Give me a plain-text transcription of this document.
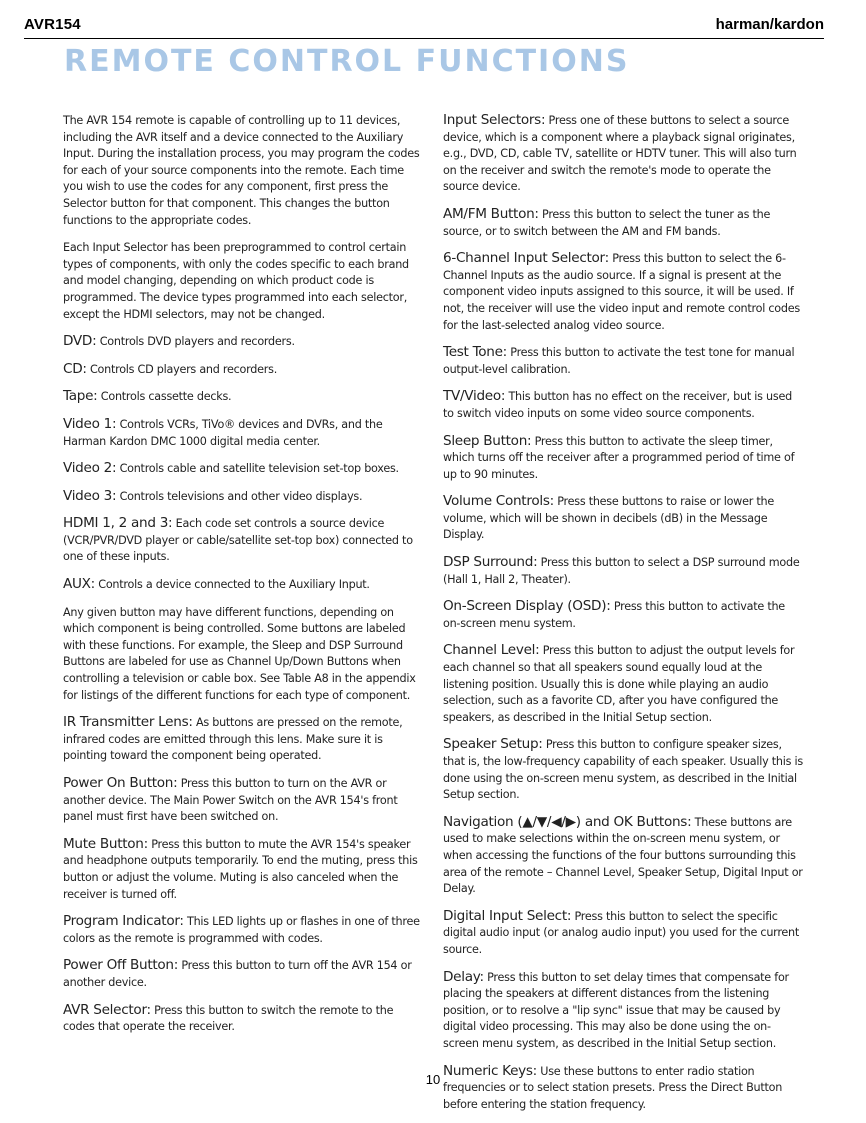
AVR154	harman/kardon
REMOTE CONTROL FUNCTIONS

The AVR 154 remote is capable of controlling up to 11 devices, including the AVR itself and a device connected to the Auxiliary Input. During the installation process, you may program the codes for each of your source components into the remote. Each time you wish to use the codes for any component, first press the Selector button for that component. This changes the button functions to the appropriate codes.

Each Input Selector has been preprogrammed to control certain types of components, with only the codes specific to each brand and model changing, depending on which product code is programmed. The device types programmed into each selector, except the HDMI selectors, may not be changed.

DVD: Controls DVD players and recorders.

CD: Controls CD players and recorders.

Tape: Controls cassette decks.

Video 1: Controls VCRs, TiVo® devices and DVRs, and the Harman Kardon DMC 1000 digital media center.

Video 2: Controls cable and satellite television set-top boxes.

Video 3: Controls televisions and other video displays.

HDMI 1, 2 and 3: Each code set controls a source device (VCR/PVR/DVD player or cable/satellite set-top box) connected to one of these inputs.

AUX: Controls a device connected to the Auxiliary Input.

Any given button may have different functions, depending on which component is being controlled. Some buttons are labeled with these functions. For example, the Sleep and DSP Surround Buttons are labeled for use as Channel Up/Down Buttons when controlling a television or cable box. See Table A8 in the appendix for listings of the different functions for each type of component.

IR Transmitter Lens: As buttons are pressed on the remote, infrared codes are emitted through this lens. Make sure it is pointing toward the component being operated.

Power On Button: Press this button to turn on the AVR or another device. The Main Power Switch on the AVR 154's front panel must first have been switched on.

Mute Button: Press this button to mute the AVR 154's speaker and headphone outputs temporarily. To end the muting, press this button or adjust the volume. Muting is also canceled when the receiver is turned off.

Program Indicator: This LED lights up or flashes in one of three colors as the remote is programmed with codes.

Power Off Button: Press this button to turn off the AVR 154 or another device.

AVR Selector: Press this button to switch the remote to the codes that operate the receiver.

Input Selectors: Press one of these buttons to select a source device, which is a component where a playback signal originates, e.g., DVD, CD, cable TV, satellite or HDTV tuner. This will also turn on the receiver and switch the remote's mode to operate the source device.

AM/FM Button: Press this button to select the tuner as the source, or to switch between the AM and FM bands.

6-Channel Input Selector: Press this button to select the 6-Channel Inputs as the audio source. If a signal is present at the component video inputs assigned to this source, it will be used. If not, the receiver will use the video input and remote control codes for the last-selected analog video source.

Test Tone: Press this button to activate the test tone for manual output-level calibration.

TV/Video: This button has no effect on the receiver, but is used to switch video inputs on some video source components.

Sleep Button: Press this button to activate the sleep timer, which turns off the receiver after a programmed period of time of up to 90 minutes.

Volume Controls: Press these buttons to raise or lower the volume, which will be shown in decibels (dB) in the Message Display.

DSP Surround: Press this button to select a DSP surround mode (Hall 1, Hall 2, Theater).

On-Screen Display (OSD): Press this button to activate the on-screen menu system.

Channel Level: Press this button to adjust the output levels for each channel so that all speakers sound equally loud at the listening position. Usually this is done while playing an audio selection, such as a favorite CD, after you have configured the speakers, as described in the Initial Setup section.

Speaker Setup: Press this button to configure speaker sizes, that is, the low-frequency capability of each speaker. Usually this is done using the on-screen menu system, as described in the Initial Setup section.

Navigation (▲/▼/◀/▶) and OK Buttons: These buttons are used to make selections within the on-screen menu system, or when accessing the functions of the four buttons surrounding this area of the remote – Channel Level, Speaker Setup, Digital Input or Delay.

Digital Input Select: Press this button to select the specific digital audio input (or analog audio input) you used for the current source.

Delay: Press this button to set delay times that compensate for placing the speakers at different distances from the listening position, or to resolve a "lip sync" issue that may be caused by digital video processing. This may also be done using the on-screen menu system, as described in the Initial Setup section.

Numeric Keys: Use these buttons to enter radio station frequencies or to select station presets. Press the Direct Button before entering the station frequency.

10
